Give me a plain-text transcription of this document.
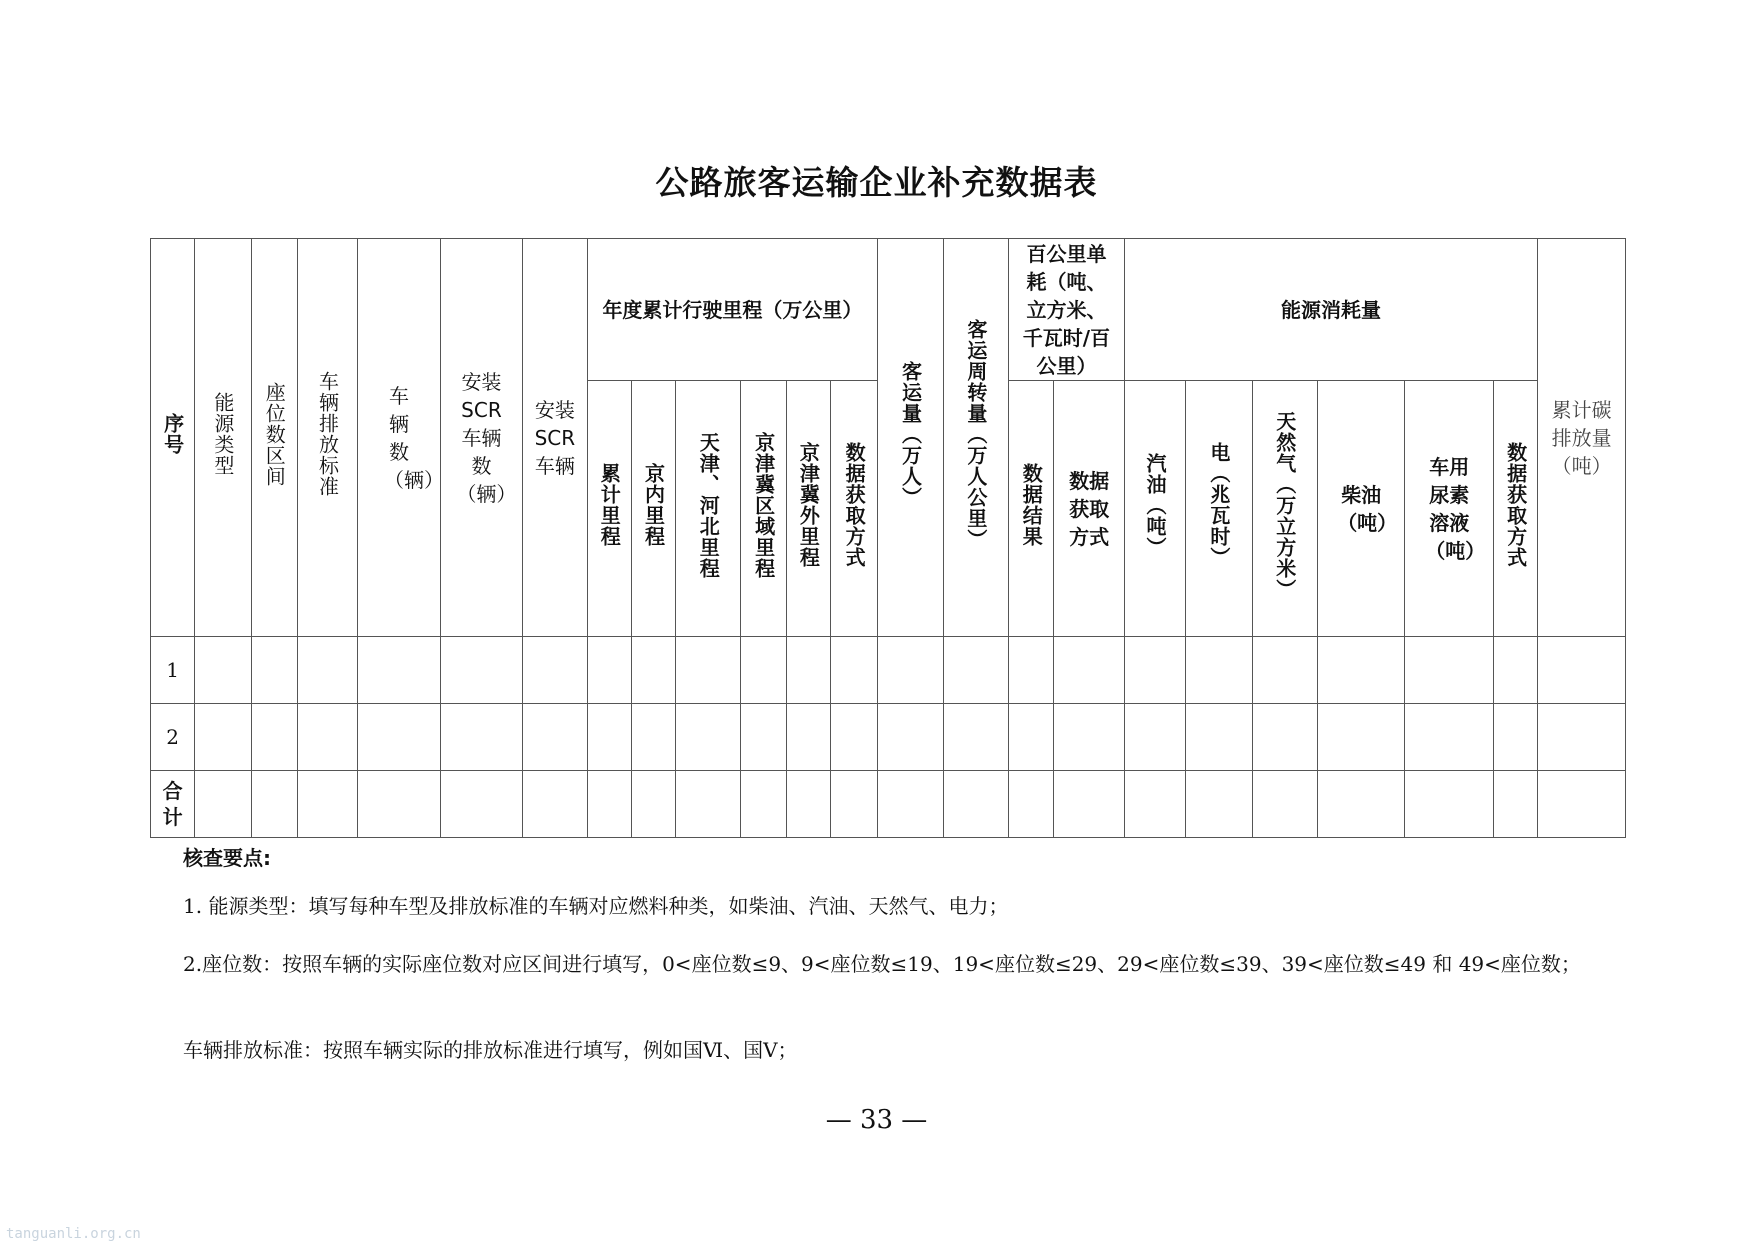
公路旅客运输企业补充数据表
序号	能源类型	座位数区间	车辆排放标准	车辆数（辆）	安装SCR车辆数（辆）	安装SCR车辆	年度累计行驶里程（万公里）						客运量（万人）	客运周转量（万人公里）	百公里单耗（吨、立方米、千瓦时/百公里）		能源消耗量						累计碳排放量（吨）
							累计里程	京内里程	天津、河北里程	京津冀区域里程	京津冀外里程	数据获取方式			数据结果	数据获取方式	汽油（吨）	电（兆瓦时）	天然气（万立方米）	柴油（吨）	车用尿素溶液（吨）	数据获取方式	
1																							
2																							
合计																							
核查要点:

1. 能源类型：填写每种车型及排放标准的车辆对应燃料种类，如柴油、汽油、天然气、电力；

2.座位数：按照车辆的实际座位数对应区间进行填写，0<座位数≤9、9<座位数≤19、19<座位数≤29、29<座位数≤39、39<座位数≤49 和 49<座位数；

车辆排放标准：按照车辆实际的排放标准进行填写，例如国Ⅵ、国Ⅴ；

— 33 —
tanguanli.org.cn
